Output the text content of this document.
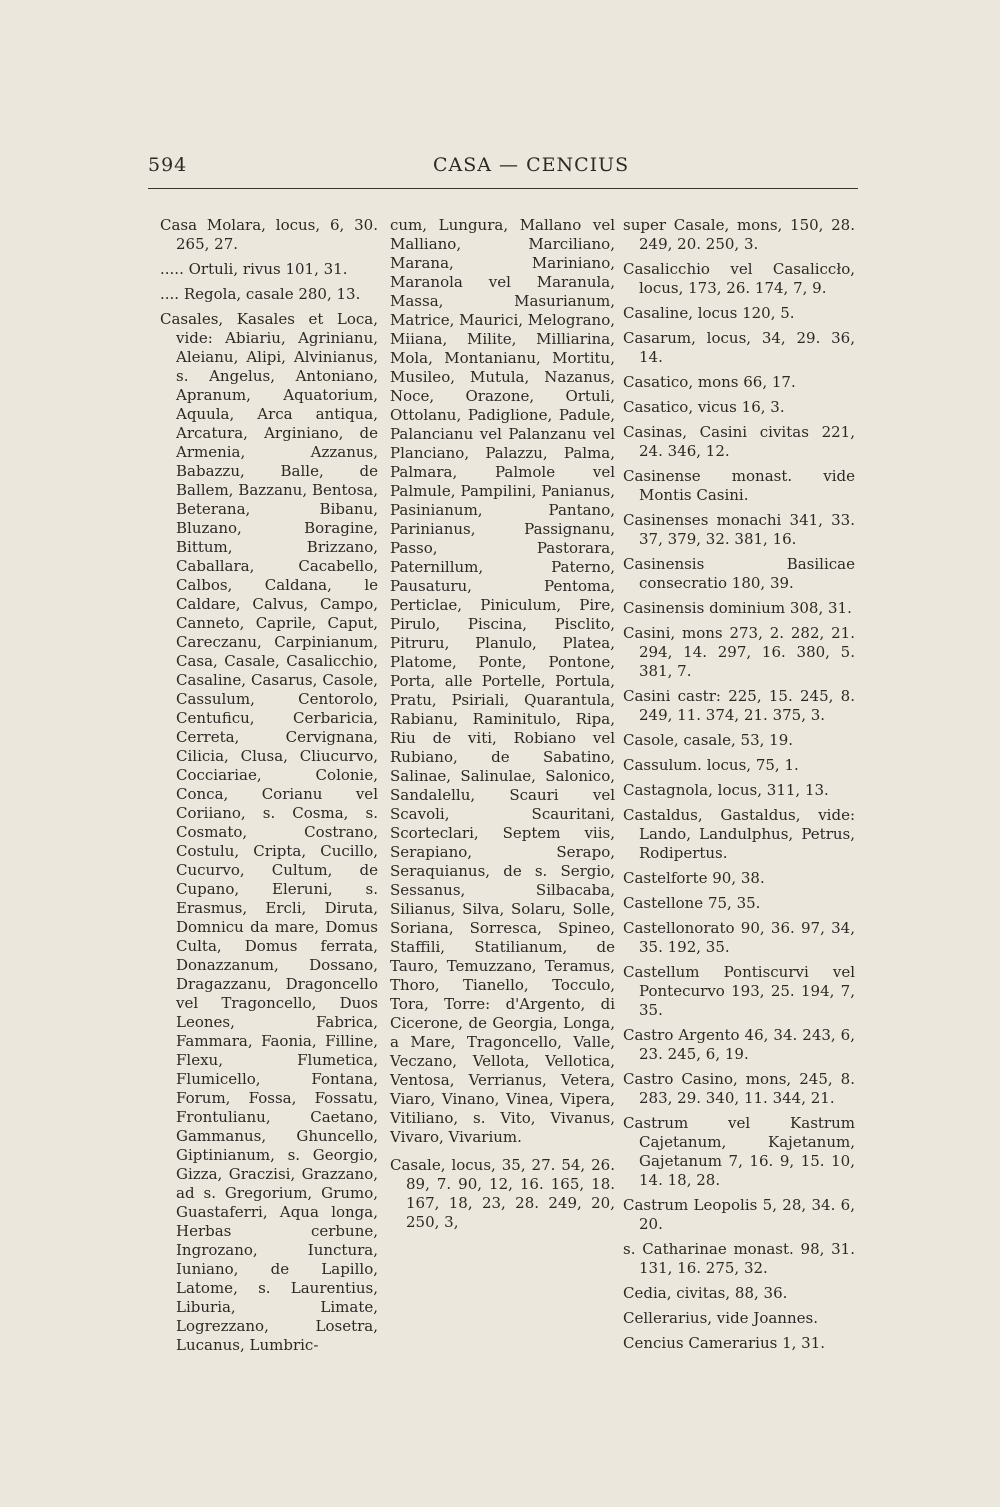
594	CASA — CENCIUS

Casa Molara, locus, 6, 30. 265, 27.

..... Ortuli, rivus 101, 31.

.... Regola, casale 280, 13.

Casales, Kasales et Loca, vide: Abiariu, Agrinianu, Aleianu, Alipi, Alvinianus, s. Angelus, Antoniano, Apranum, Aquatorium, Aquula, Arca antiqua, Arcatura, Arginiano, de Armenia, Azzanus, Babazzu, Balle, de Ballem, Bazzanu, Bentosa, Beterana, Bibanu, Bluzano, Boragine, Bittum, Brizzano, Caballara, Cacabello, Calbos, Caldana, le Caldare, Calvus, Campo, Canneto, Caprile, Caput, Careczanu, Carpinianum, Casa, Casale, Casalicchio, Casaline, Casarus, Casole, Cassulum, Centorolo, Centuficu, Cerbaricia, Cerreta, Cervignana, Cilicia, Clusa, Cliucurvo, Cocciariae, Colonie, Conca, Corianu vel Coriiano, s. Cosma, s. Cosmato, Costrano, Costulu, Cripta, Cucillo, Cucurvo, Cultum, de Cupano, Eleruni, s. Erasmus, Ercli, Diruta, Domnicu da mare, Domus Culta, Domus ferrata, Donazzanum, Dossano, Dragazzanu, Dragoncello vel Tragoncello, Duos Leones, Fabrica, Fammara, Faonia, Filline, Flexu, Flumetica, Flumicello, Fontana, Forum, Fossa, Fossatu, Frontulianu, Caetano, Gammanus, Ghuncello, Giptinianum, s. Georgio, Gizza, Graczisi, Grazzano, ad s. Gregorium, Grumo, Guastaferri, Aqua longa, Herbas cerbune, Ingrozano, Iunctura, Iuniano, de Lapillo, Latome, s. Laurentius, Liburia, Limate, Logrezzano, Losetra, Lucanus, Lumbric-

cum, Lungura, Mallano vel Malliano, Marciliano, Marana, Mariniano, Maranola vel Maranula, Massa, Masurianum, Matrice, Mauricі, Melograno, Miiana, Milite, Milliarina, Mola, Montanianu, Mortitu, Musileo, Mutula, Nazanus, Noce, Orazone, Ortuli, Ottolanu, Padiglione, Padule, Palancianu vel Palanzanu vel Planciano, Palazzu, Palma, Palmara, Palmole vel Palmule, Pampilini, Panianus, Pasinianum, Pantano, Parinianus, Passignanu, Passo, Pastorara, Paternillum, Paterno, Pausaturu, Pentoma, Perticlae, Piniculum, Pire, Pirulo, Piscina, Pisclito, Pitruru, Planulo, Platea, Platome, Ponte, Pontone, Porta, alle Portelle, Portula, Pratu, Psiriali, Quarantula, Rabianu, Raminitulo, Ripa, Riu de viti, Robiano vel Rubiano, de Sabatino, Salinae, Salinulae, Salonico, Sandalellu, Scauri vel Scavoli, Scauritani, Scorteclari, Septem viis, Serapiano, Serapo, Seraquianus, de s. Sergio, Sessanus, Silbacaba, Silianus, Silva, Solaru, Solle, Soriana, Sorresca, Spineo, Staffili, Statilianum, de Tauro, Temuzzano, Teramus, Thoro, Tianello, Tocculo, Tora, Torre: d'Argento, di Cicerone, de Georgia, Longa, a Mare, Tragoncello, Valle, Veczano, Vellota, Vellotica, Ventosa, Verrianus, Vetera, Viaro, Vinano, Vinea, Vipera, Vitiliano, s. Vito, Vivanus, Vivaro, Vivarium.

Casale, locus, 35, 27. 54, 26. 89, 7. 90, 12, 16. 165, 18. 167, 18, 23, 28. 249, 20, 250, 3,

super Casale, mons, 150, 28. 249, 20. 250, 3.

Casalicchio vel Casaliccło, locus, 173, 26. 174, 7, 9.

Casaline, locus 120, 5.

Casarum, locus, 34, 29. 36, 14.

Casatico, mons 66, 17.

Casatico, vicus 16, 3.

Casinas, Casini civitas 221, 24. 346, 12.

Casinense monast. vide Montis Casini.

Casinenses monachi 341, 33. 37, 379, 32. 381, 16.

Casinensis Basilicae consecratio 180, 39.

Casinensis dominium 308, 31.

Casini, mons 273, 2. 282, 21. 294, 14. 297, 16. 380, 5. 381, 7.

Casini castr: 225, 15. 245, 8. 249, 11. 374, 21. 375, 3.

Casole, casale, 53, 19.

Cassulum. locus, 75, 1.

Castagnola, locus, 311, 13.

Castaldus, Gastaldus, vide: Lando, Landulphus, Petrus, Rodipertus.

Castelforte 90, 38.

Castellone 75, 35.

Castellonorato 90, 36. 97, 34, 35. 192, 35.

Castellum Pontiscurvi vel Pontecurvo 193, 25. 194, 7, 35.

Castro Argento 46, 34. 243, 6, 23. 245, 6, 19.

Castro Casino, mons, 245, 8. 283, 29. 340, 11. 344, 21.

Castrum vel Kastrum Cajetanum, Kajetanum, Gajetanum 7, 16. 9, 15. 10, 14. 18, 28.

Castrum Leopolis 5, 28, 34. 6, 20.

s. Catharinae monast. 98, 31. 131, 16. 275, 32.

Cedia, civitas, 88, 36.

Cellerarius, vide Joannes.

Cencius Camerarius 1, 31.
